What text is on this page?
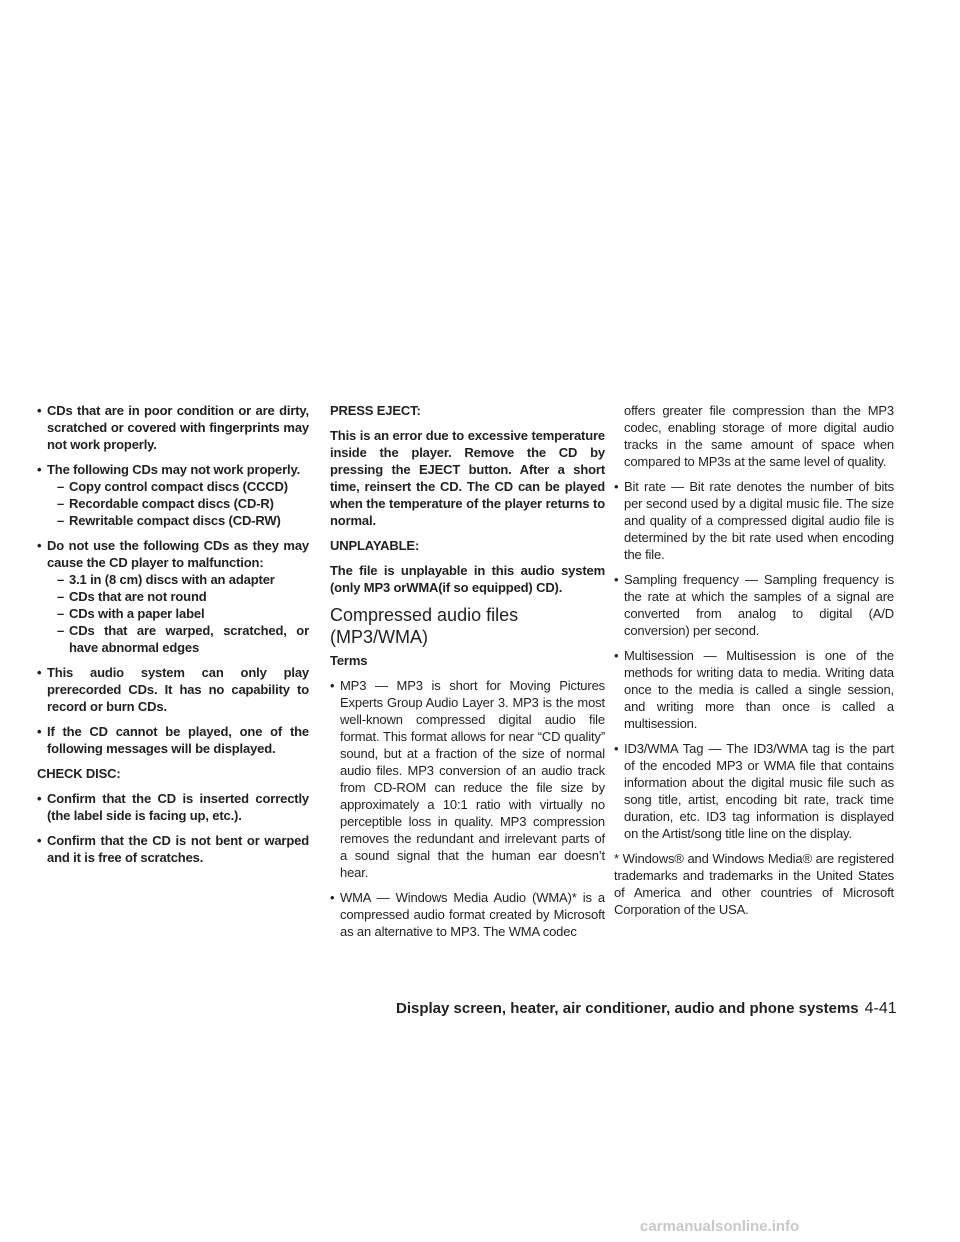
• CDs that are in poor condition or are dirty, scratched or covered with fingerprints may not work properly.
• The following CDs may not work properly.
– Copy control compact discs (CCCD)
– Recordable compact discs (CD-R)
– Rewritable compact discs (CD-RW)
• Do not use the following CDs as they may cause the CD player to malfunction:
– 3.1 in (8 cm) discs with an adapter
– CDs that are not round
– CDs with a paper label
– CDs that are warped, scratched, or have abnormal edges
• This audio system can only play prerecorded CDs. It has no capability to record or burn CDs.
• If the CD cannot be played, one of the following messages will be displayed.
CHECK DISC:
• Confirm that the CD is inserted correctly (the label side is facing up, etc.).
• Confirm that the CD is not bent or warped and it is free of scratches.
PRESS EJECT:

This is an error due to excessive temperature inside the player. Remove the CD by pressing the EJECT button. After a short time, reinsert the CD. The CD can be played when the temperature of the player returns to normal.

UNPLAYABLE:

The file is unplayable in this audio system (only MP3 orWMA(if so equipped) CD).

Compressed audio files (MP3/WMA)
Terms
• MP3 — MP3 is short for Moving Pictures Experts Group Audio Layer 3. MP3 is the most well-known compressed digital audio file format. This format allows for near “CD quality” sound, but at a fraction of the size of normal audio files. MP3 conversion of an audio track from CD-ROM can reduce the file size by approximately a 10:1 ratio with virtually no perceptible loss in quality. MP3 compression removes the redundant and irrelevant parts of a sound signal that the human ear doesn’t hear.
• WMA — Windows Media Audio (WMA)* is a compressed audio format created by Microsoft as an alternative to MP3. The WMA codec
offers greater file compression than the MP3 codec, enabling storage of more digital audio tracks in the same amount of space when compared to MP3s at the same level of quality.
• Bit rate — Bit rate denotes the number of bits per second used by a digital music file. The size and quality of a compressed digital audio file is determined by the bit rate used when encoding the file.
• Sampling frequency — Sampling frequency is the rate at which the samples of a signal are converted from analog to digital (A/D conversion) per second.
• Multisession — Multisession is one of the methods for writing data to media. Writing data once to the media is called a single session, and writing more than once is called a multisession.
• ID3/WMA Tag — The ID3/WMA tag is the part of the encoded MP3 or WMA file that contains information about the digital music file such as song title, artist, encoding bit rate, track time duration, etc. ID3 tag information is displayed on the Artist/song title line on the display.

* Windows® and Windows Media® are registered trademarks and trademarks in the United States of America and other countries of Microsoft Corporation of the USA.

Display screen, heater, air conditioner, audio and phone systems 4-41
carmanualsonline.info
